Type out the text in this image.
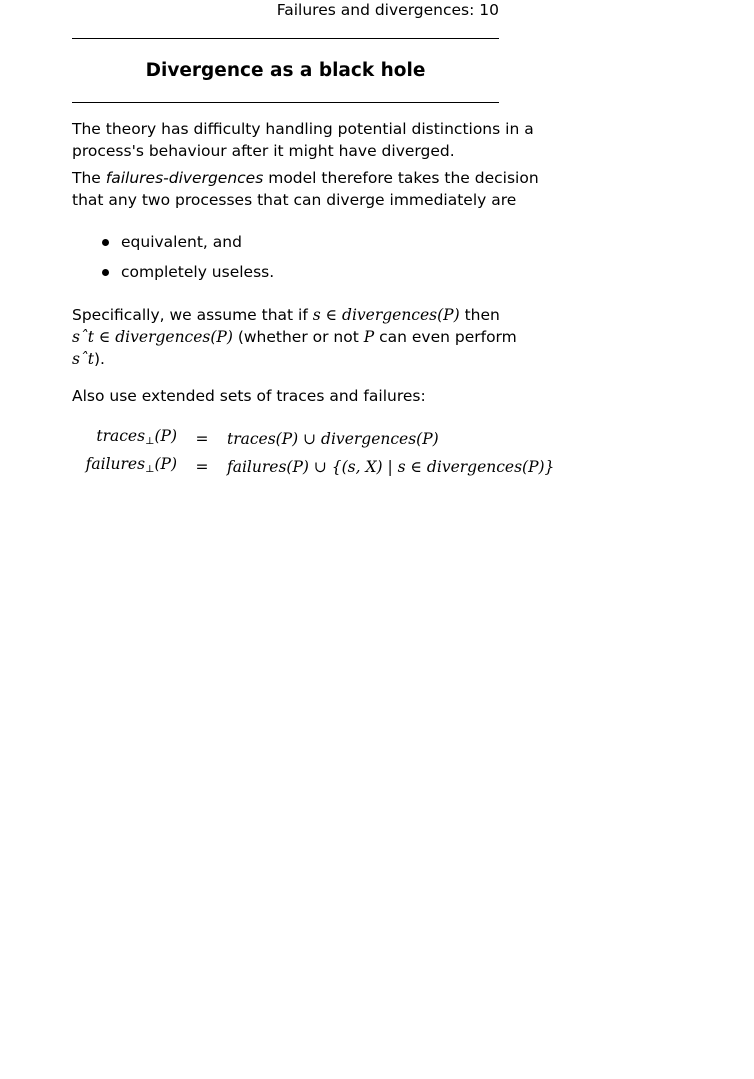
Failures and divergences: 10
Divergence as a black hole
The theory has difficulty handling potential distinctions in a
process's behaviour after it might have diverged.
The failures-divergences model therefore takes the decision
that any two processes that can diverge immediately are
equivalent, and
completely useless.
Specifically, we assume that if s ∈ divergences(P) then
sˆt ∈ divergences(P) (whether or not P can even perform
sˆt).
Also use extended sets of traces and failures:
traces$_\perp$(P)	=	traces(P) ∪ divergences(P)
failures$_\perp$(P)	=	failures(P) ∪ {(s, X) | s ∈ divergences(P)}
